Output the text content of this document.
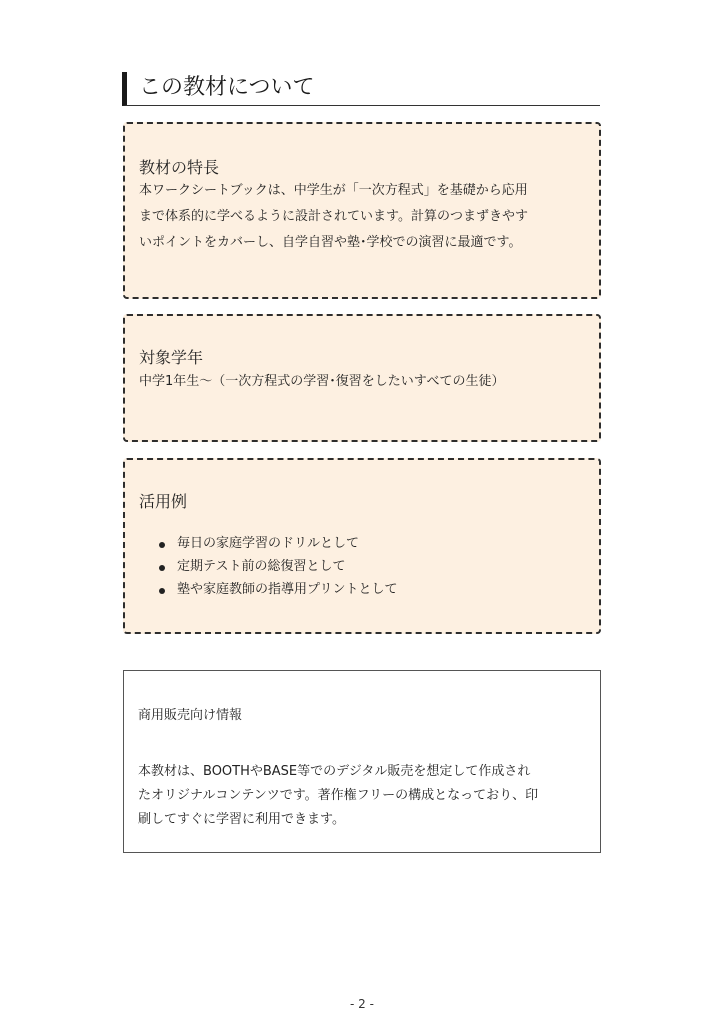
この教材について
教材の特長
本ワークシートブックは、中学生が「一次方程式」を基礎から応用
まで体系的に学べるように設計されています。計算のつまずきやす
いポイントをカバーし、自学自習や塾･学校での演習に最適です。
対象学年
中学1年生〜（一次方程式の学習･復習をしたいすべての生徒）
活用例
毎日の家庭学習のドリルとして
定期テスト前の総復習として
塾や家庭教師の指導用プリントとして
商用販売向け情報
本教材は、BOOTHやBASE等でのデジタル販売を想定して作成され
たオリジナルコンテンツです。著作権フリーの構成となっており、印
刷してすぐに学習に利用できます。
- 2 -
